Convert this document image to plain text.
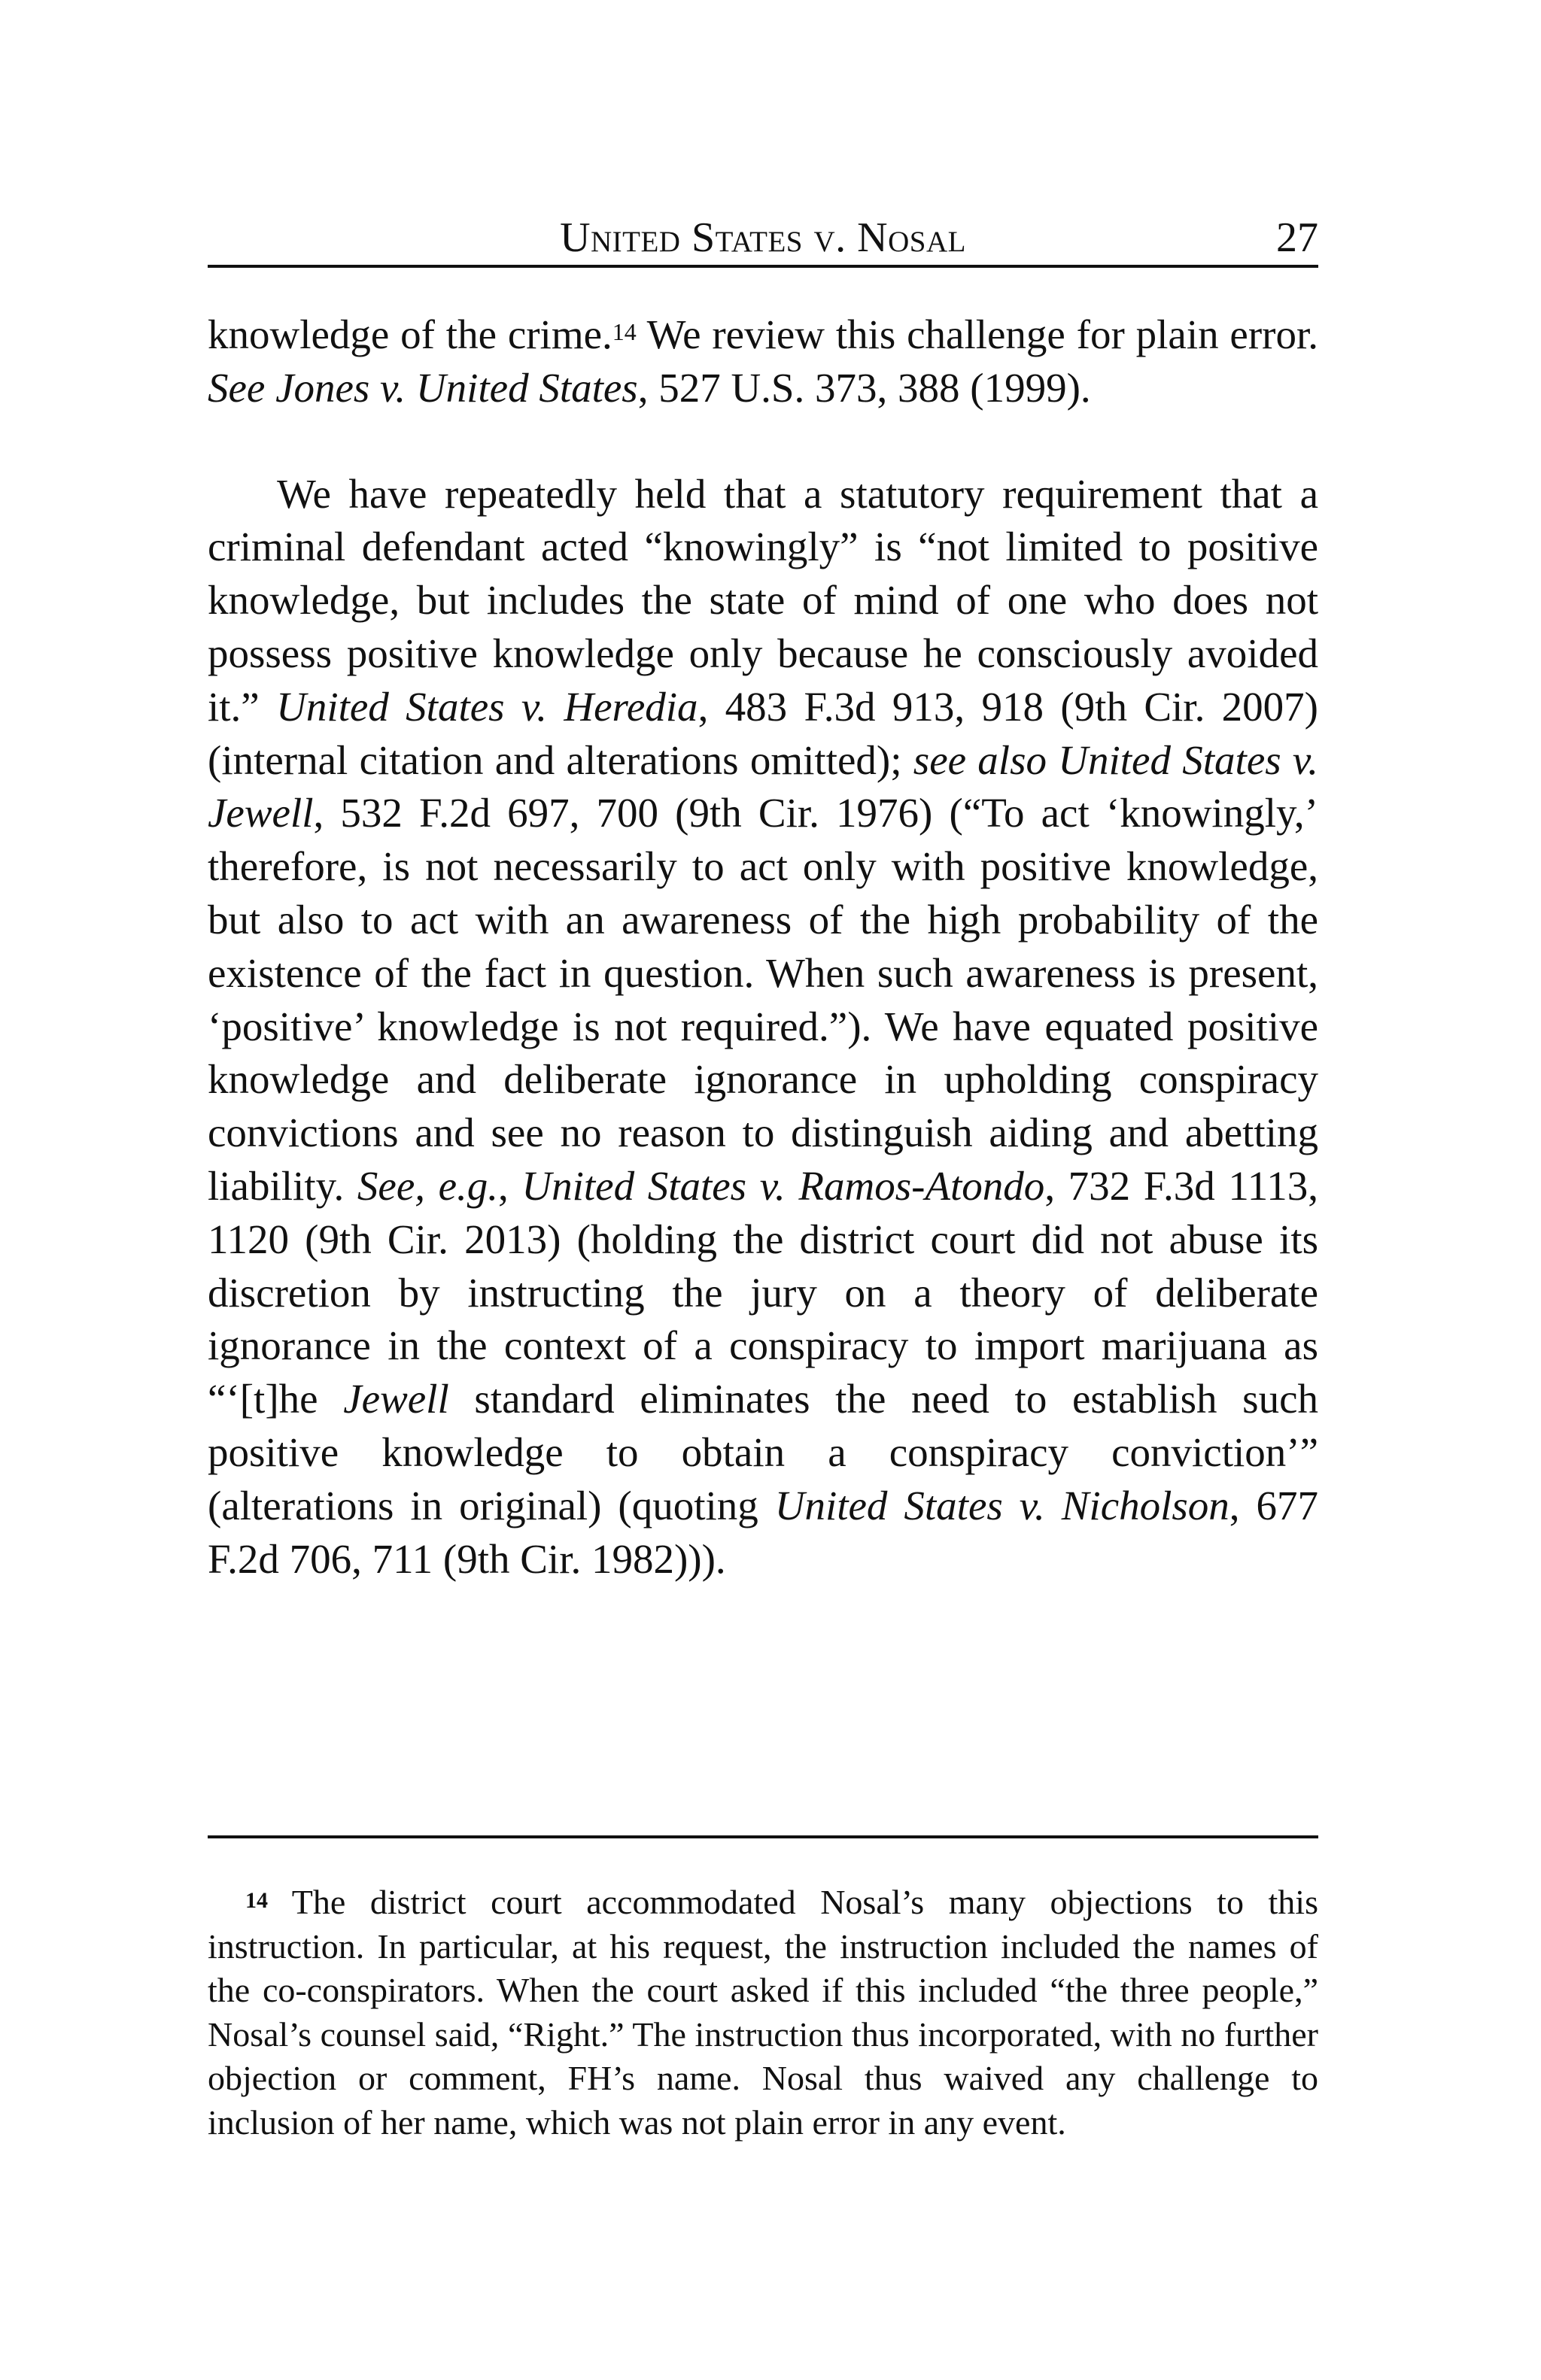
United States v. Nosal	27

knowledge of the crime.$^{14}$ We review this challenge for plain error. See Jones v. United States, 527 U.S. 373, 388 (1999).

We have repeatedly held that a statutory requirement that a criminal defendant acted “knowingly” is “not limited to positive knowledge, but includes the state of mind of one who does not possess positive knowledge only because he consciously avoided it.” United States v. Heredia, 483 F.3d 913, 918 (9th Cir. 2007) (internal citation and alterations omitted); see also United States v. Jewell, 532 F.2d 697, 700 (9th Cir. 1976) (“To act ‘knowingly,’ therefore, is not necessarily to act only with positive knowledge, but also to act with an awareness of the high probability of the existence of the fact in question. When such awareness is present, ‘positive’ knowledge is not required.”). We have equated positive knowledge and deliberate ignorance in upholding conspiracy convictions and see no reason to distinguish aiding and abetting liability. See, e.g., United States v. Ramos-Atondo, 732 F.3d 1113, 1120 (9th Cir. 2013) (holding the district court did not abuse its discretion by instructing the jury on a theory of deliberate ignorance in the context of a conspiracy to import marijuana as “‘[t]he Jewell standard eliminates the need to establish such positive knowledge to obtain a conspiracy conviction’” (alterations in original) (quoting United States v. Nicholson, 677 F.2d 706, 711 (9th Cir. 1982))).

$^{14}$ The district court accommodated Nosal’s many objections to this instruction. In particular, at his request, the instruction included the names of the co-conspirators. When the court asked if this included “the three people,” Nosal’s counsel said, “Right.” The instruction thus incorporated, with no further objection or comment, FH’s name. Nosal thus waived any challenge to inclusion of her name, which was not plain error in any event.
